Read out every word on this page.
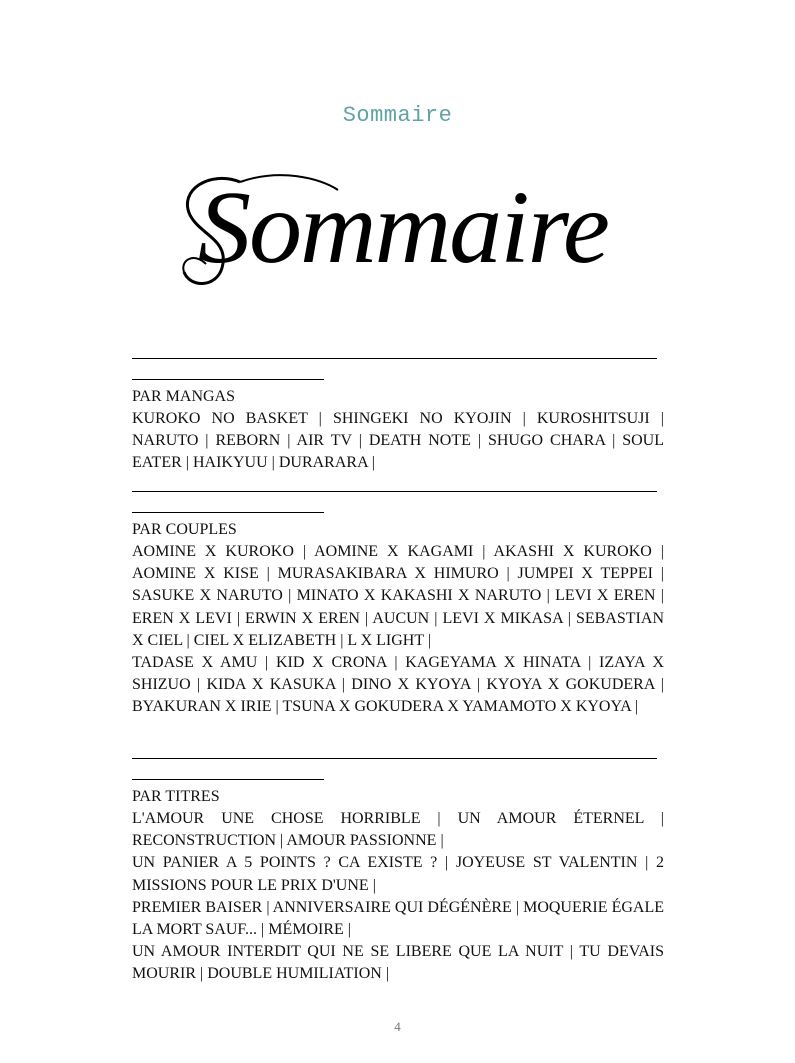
Sommaire
Sommaire
PAR MANGAS

KUROKO NO BASKET | SHINGEKI NO KYOJIN | KUROSHITSUJI | NARUTO | REBORN | AIR TV | DEATH NOTE | SHUGO CHARA | SOUL EATER | HAIKYUU | DURARARA |

PAR COUPLES

AOMINE X KUROKO | AOMINE X KAGAMI | AKASHI X KUROKO | AOMINE X KISE | MURASAKIBARA X HIMURO | JUMPEI X TEPPEI | SASUKE X NARUTO | MINATO X KAKASHI X NARUTO | LEVI X EREN | EREN X LEVI | ERWIN X EREN | AUCUN | LEVI X MIKASA | SEBASTIAN X CIEL | CIEL X ELIZABETH | L X LIGHT |

TADASE X AMU | KID X CRONA | KAGEYAMA X HINATA | IZAYA X SHIZUO | KIDA X KASUKA | DINO X KYOYA | KYOYA X GOKUDERA | BYAKURAN X IRIE | TSUNA X GOKUDERA X YAMAMOTO X KYOYA |

PAR TITRES

L'AMOUR UNE CHOSE HORRIBLE | UN AMOUR ÉTERNEL | RECONSTRUCTION | AMOUR PASSIONNE |

UN PANIER A 5 POINTS ? CA EXISTE ? | JOYEUSE ST VALENTIN | 2 MISSIONS POUR LE PRIX D'UNE |

PREMIER BAISER | ANNIVERSAIRE QUI DÉGÉNÈRE | MOQUERIE ÉGALE LA MORT SAUF... | MÉMOIRE |

UN AMOUR INTERDIT QUI NE SE LIBERE QUE LA NUIT | TU DEVAIS MOURIR | DOUBLE HUMILIATION |

4
